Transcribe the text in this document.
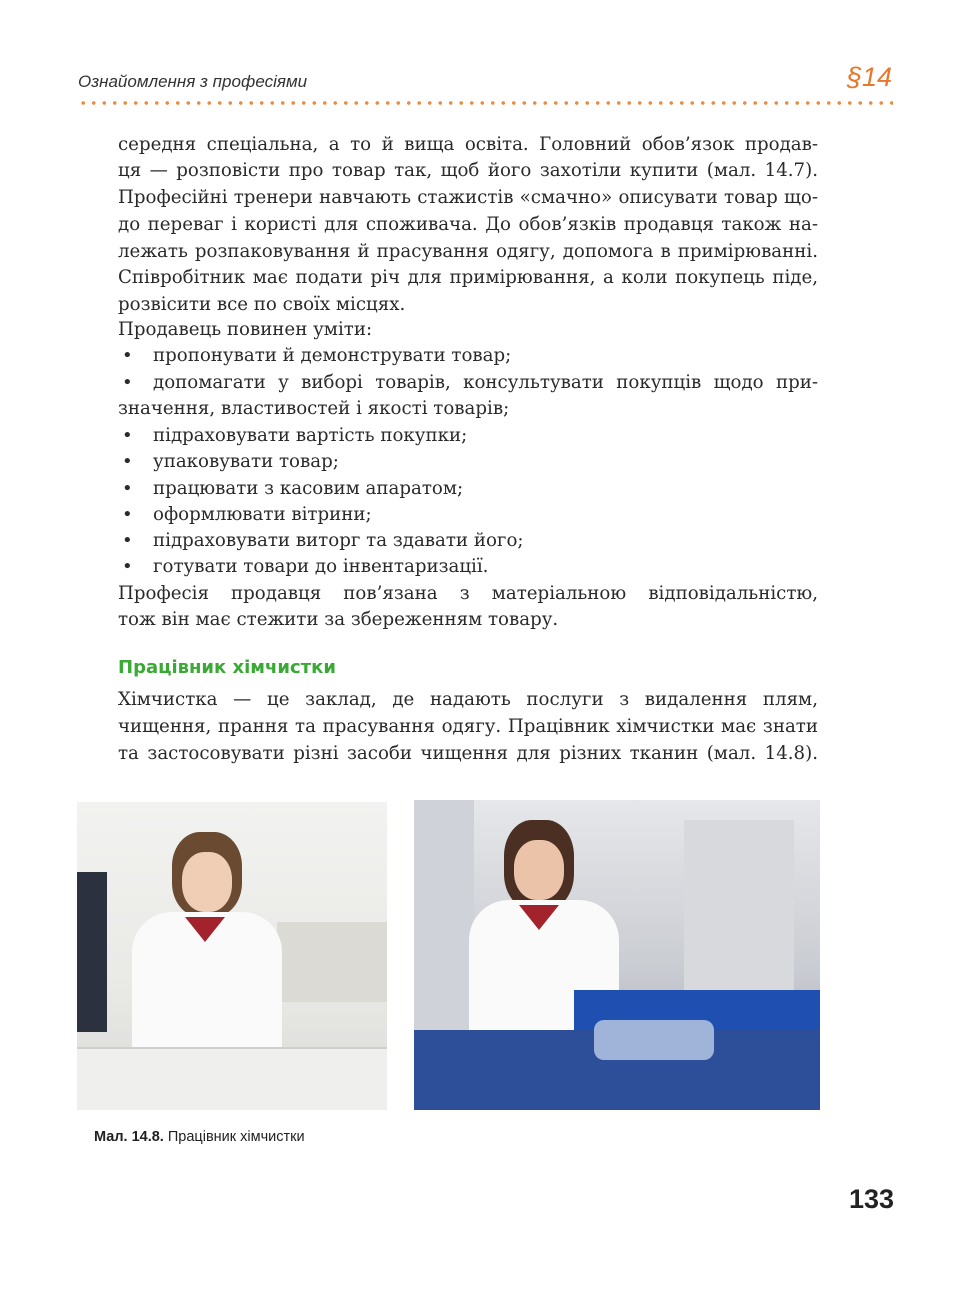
Ознайомлення з професіями	§14
середня спеціальна, а то й вища освіта. Головний обов’язок продав-
ця — розповісти про товар так, щоб його захотіли купити (мал. 14.7).
Професійні тренери навчають стажистів «смачно» описувати товар що-
до переваг і користі для споживача. До обов’язків продавця також на-
лежать розпаковування й прасування одягу, допомога в примірюванні.
Співробітник має подати річ для примірювання, а коли покупець піде,
розвісити все по своїх місцях.
Продавець повинен уміти:
• пропонувати й демонструвати товар;
• допомагати у виборі товарів, консультувати покупців щодо при-
значення, властивостей і якості товарів;
• підраховувати вартість покупки;
• упаковувати товар;
• працювати з касовим апаратом;
• оформлювати вітрини;
• підраховувати виторг та здавати його;
• готувати товари до інвентаризації.
Професія продавця пов’язана з матеріальною відповідальністю,
тож він має стежити за збереженням товару.
Працівник хімчистки
Хімчистка — це заклад, де надають послуги з видалення плям,
чищення, прання та прасування одягу. Працівник хімчистки має знати
та застосовувати різні засоби чищення для різних тканин (мал. 14.8).
Мал. 14.8. Працівник хімчистки
133
